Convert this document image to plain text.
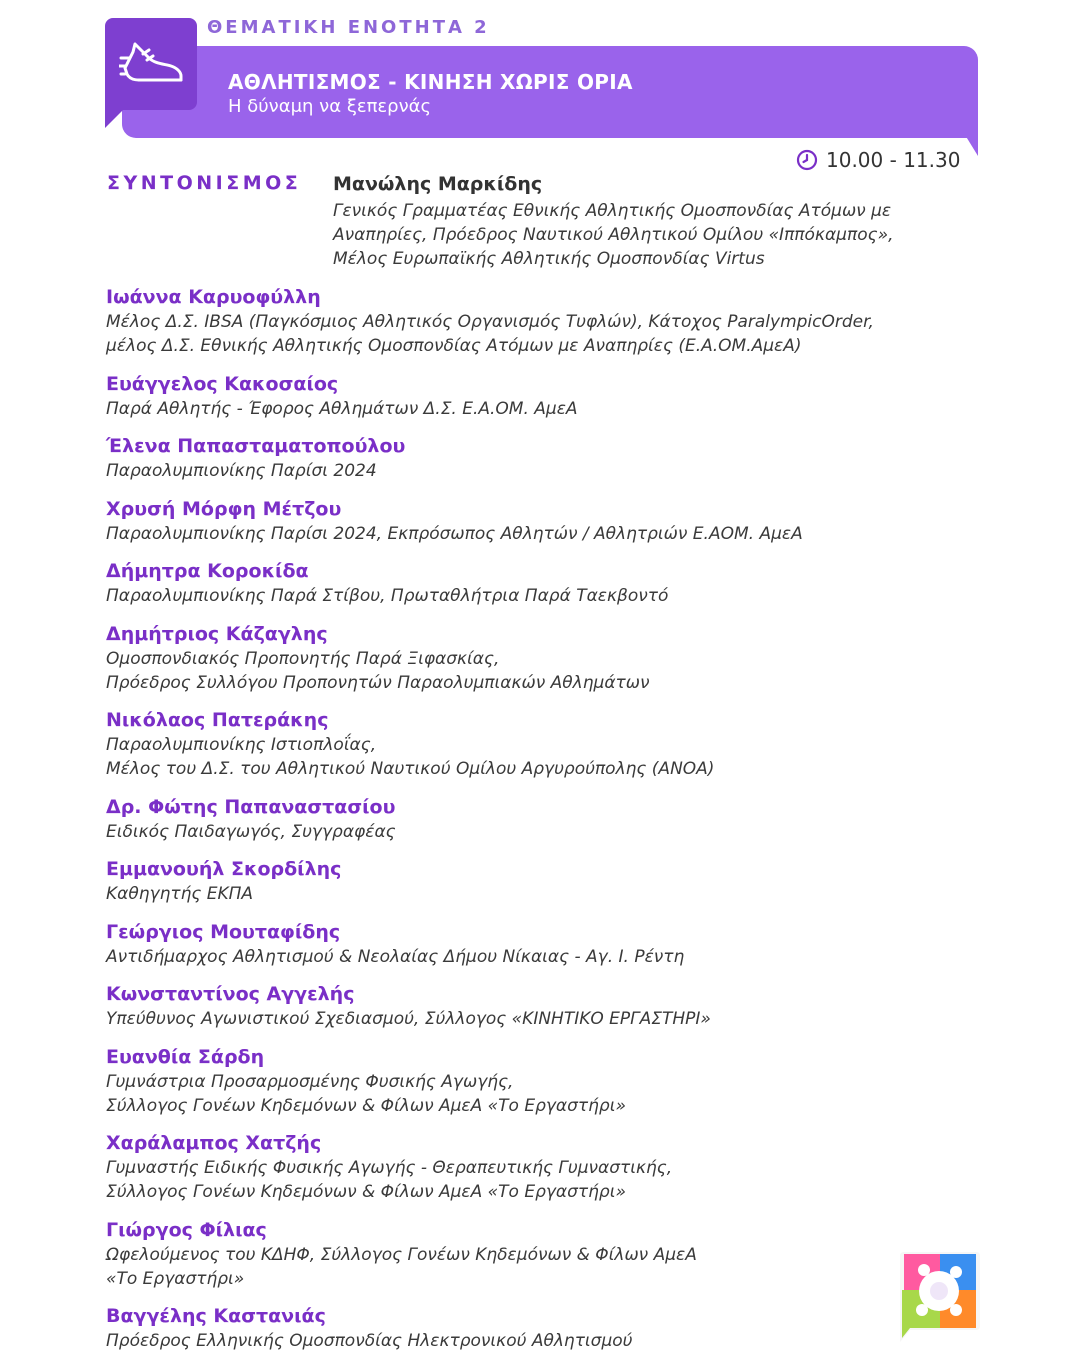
ΘΕΜΑΤΙΚΗ ΕΝΟΤΗΤΑ 2
ΑΘΛΗΤΙΣΜΟΣ - ΚΙΝΗΣΗ ΧΩΡΙΣ ΟΡΙΑ
Η δύναμη να ξεπερνάς
10.00 - 11.30
ΣΥΝΤΟΝΙΣΜΟΣ Μανώλης Μαρκίδης
Γενικός Γραμματέας Εθνικής Αθλητικής Ομοσπονδίας Ατόμων με
Αναπηρίες, Πρόεδρος Ναυτικού Αθλητικού Ομίλου «Ιππόκαμπος»,
Μέλος Ευρωπαϊκής Αθλητικής Ομοσπονδίας Virtus
Ιωάννα Καρυοφύλλη
Μέλος Δ.Σ. IBSA (Παγκόσμιος Αθλητικός Οργανισμός Τυφλών), Κάτοχος ParalympicOrder,
μέλος Δ.Σ. Εθνικής Αθλητικής Ομοσπονδίας Ατόμων με Αναπηρίες (Ε.Α.ΟΜ.ΑμεΑ)
Ευάγγελος Κακοσαίος
Παρά Αθλητής - Έφορος Αθλημάτων Δ.Σ. Ε.Α.ΟΜ. ΑμεΑ
Έλενα Παπασταματοπούλου
Παραολυμπιονίκης Παρίσι 2024
Χρυσή Μόρφη Μέτζου
Παραολυμπιονίκης Παρίσι 2024, Εκπρόσωπος Αθλητών / Αθλητριών Ε.ΑΟΜ. ΑμεΑ
Δήμητρα Κοροκίδα
Παραολυμπιονίκης Παρά Στίβου, Πρωταθλήτρια Παρά Ταεκβοντό
Δημήτριος Κάζαγλης
Ομοσπονδιακός Προπονητής Παρά Ξιφασκίας,
Πρόεδρος Συλλόγου Προπονητών Παραολυμπιακών Αθλημάτων
Νικόλαος Πατεράκης
Παραολυμπιονίκης Ιστιοπλοΐας,
Μέλος του Δ.Σ. του Αθλητικού Ναυτικού Ομίλου Αργυρούπολης (ΑΝΟΑ)
Δρ. Φώτης Παπαναστασίου
Ειδικός Παιδαγωγός, Συγγραφέας
Εμμανουήλ Σκορδίλης
Καθηγητής ΕΚΠΑ
Γεώργιος Μουταφίδης
Αντιδήμαρχος Αθλητισμού & Νεολαίας Δήμου Νίκαιας - Αγ. Ι. Ρέντη
Κωνσταντίνος Αγγελής
Υπεύθυνος Αγωνιστικού Σχεδιασμού, Σύλλογος «ΚΙΝΗΤΙΚΟ ΕΡΓΑΣΤΗΡΙ»
Ευανθία Σάρδη
Γυμνάστρια Προσαρμοσμένης Φυσικής Αγωγής,
Σύλλογος Γονέων Κηδεμόνων & Φίλων ΑμεΑ «Το Εργαστήρι»
Χαράλαμπος Χατζής
Γυμναστής Ειδικής Φυσικής Αγωγής - Θεραπευτικής Γυμναστικής,
Σύλλογος Γονέων Κηδεμόνων & Φίλων ΑμεΑ «Το Εργαστήρι»
Γιώργος Φίλιας
Ωφελούμενος του ΚΔΗΦ, Σύλλογος Γονέων Κηδεμόνων & Φίλων ΑμεΑ
«Το Εργαστήρι»
Βαγγέλης Καστανιάς
Πρόεδρος Ελληνικής Ομοσπονδίας Ηλεκτρονικού Αθλητισμού
